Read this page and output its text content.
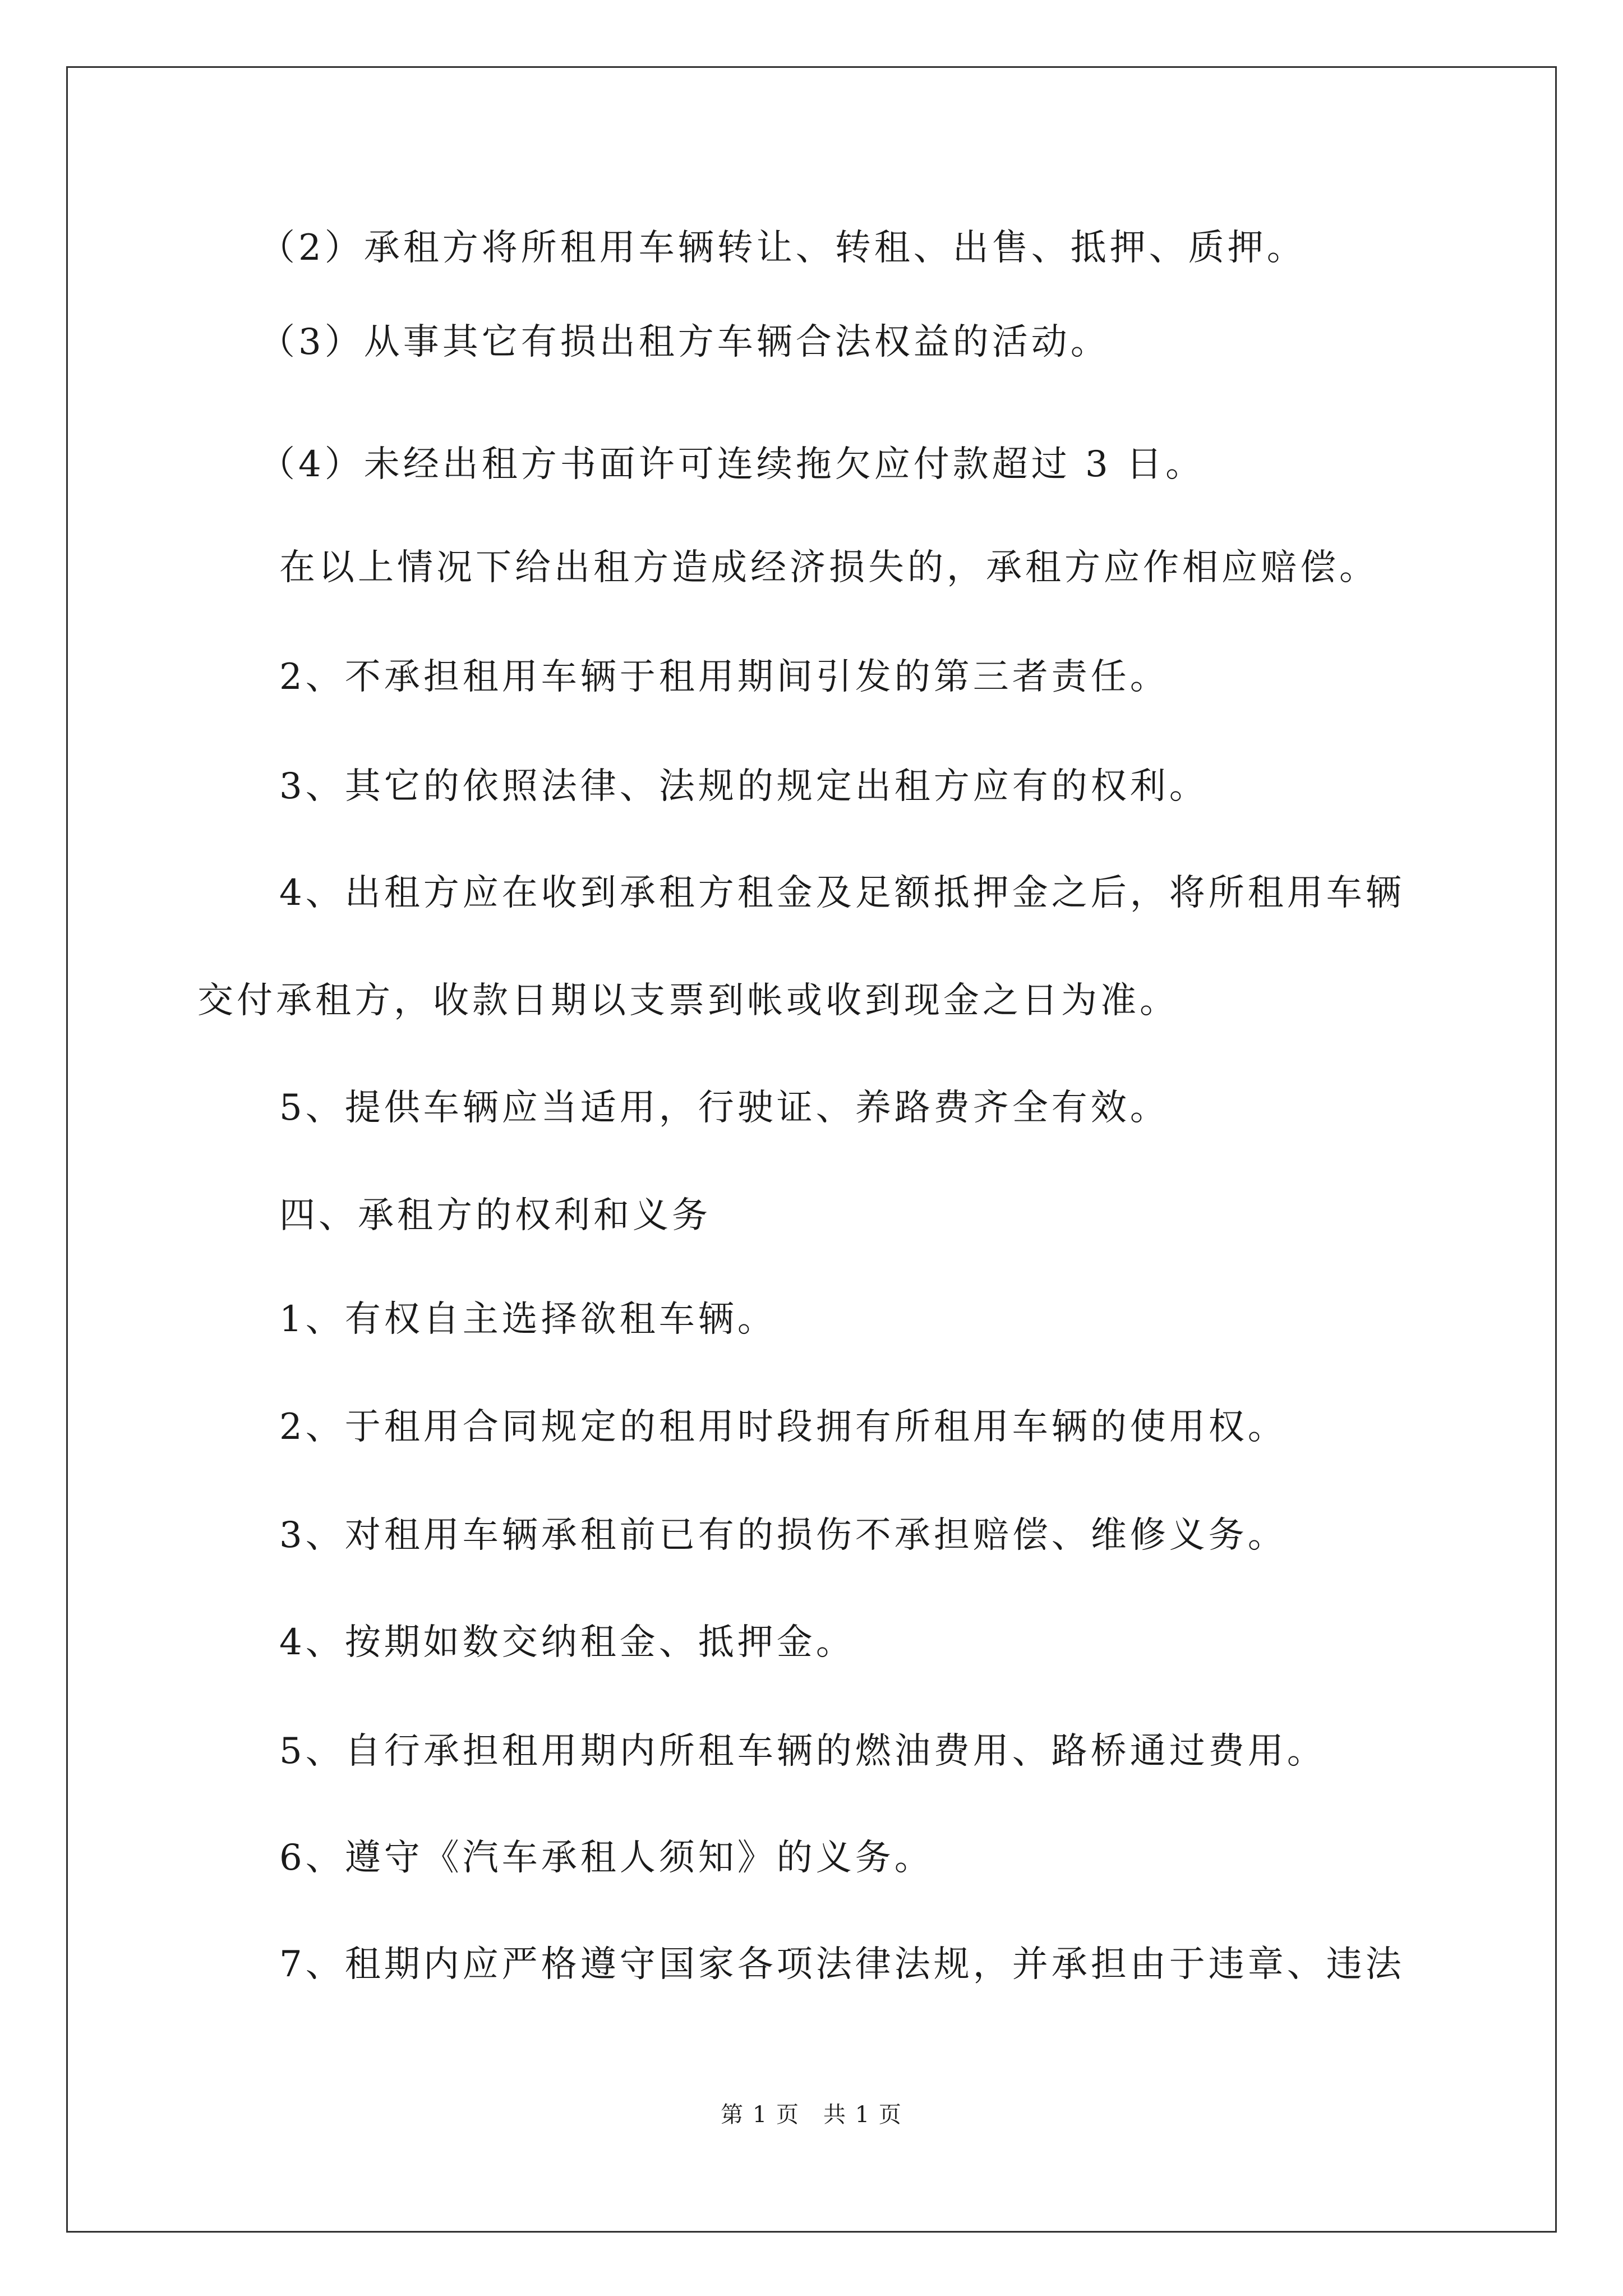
（2）承租方将所租用车辆转让、转租、出售、抵押、质押。
（3）从事其它有损出租方车辆合法权益的活动。
（4）未经出租方书面许可连续拖欠应付款超过 3 日。
在以上情况下给出租方造成经济损失的，承租方应作相应赔偿。
2、不承担租用车辆于租用期间引发的第三者责任。
3、其它的依照法律、法规的规定出租方应有的权利。
4、出租方应在收到承租方租金及足额抵押金之后，将所租用车辆
交付承租方，收款日期以支票到帐或收到现金之日为准。
5、提供车辆应当适用，行驶证、养路费齐全有效。
四、承租方的权利和义务
1、有权自主选择欲租车辆。
2、于租用合同规定的租用时段拥有所租用车辆的使用权。
3、对租用车辆承租前已有的损伤不承担赔偿、维修义务。
4、按期如数交纳租金、抵押金。
5、自行承担租用期内所租车辆的燃油费用、路桥通过费用。
6、遵守《汽车承租人须知》的义务。
7、租期内应严格遵守国家各项法律法规，并承担由于违章、违法
第 1 页　共 1 页
